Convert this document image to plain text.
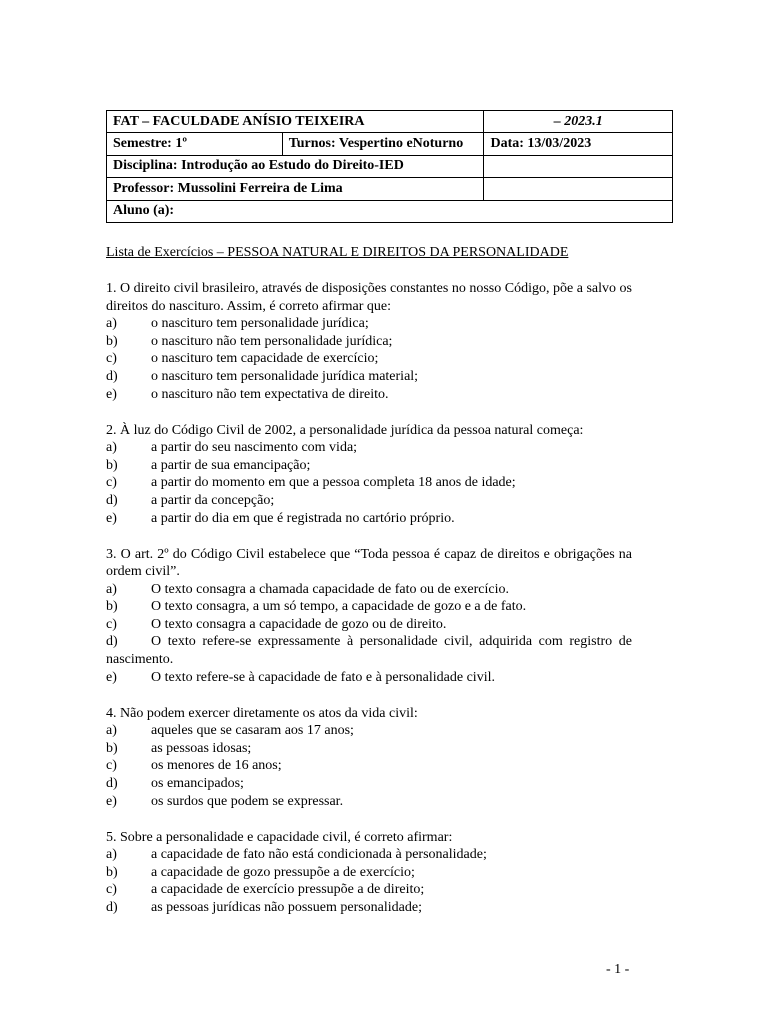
FAT – FACULDADE ANÍSIO TEIXEIRA		– 2023.1
Semestre: 1º	Turnos: Vespertino eNoturno	Data: 13/03/2023
Disciplina: Introdução ao Estudo do Direito-IED		
Professor: Mussolini Ferreira de Lima		
Aluno (a):		
Lista de Exercícios – PESSOA NATURAL E DIREITOS DA PERSONALIDADE
1. O direito civil brasileiro, através de disposições constantes no nosso Código, põe a salvo os direitos do nascituro. Assim, é correto afirmar que:
a)	o nascituro tem personalidade jurídica;
b)	o nascituro não tem personalidade jurídica;
c)	o nascituro tem capacidade de exercício;
d)	o nascituro tem personalidade jurídica material;
e)	o nascituro não tem expectativa de direito.
2. À luz do Código Civil de 2002, a personalidade jurídica da pessoa natural começa:
a)	a partir do seu nascimento com vida;
b)	a partir de sua emancipação;
c)	a partir do momento em que a pessoa completa 18 anos de idade;
d)	a partir da concepção;
e)	a partir do dia em que é registrada no cartório próprio.
3. O art. 2º do Código Civil estabelece que “Toda pessoa é capaz de direitos e obrigações na ordem civil”.
a)	O texto consagra a chamada capacidade de fato ou de exercício.
b)	O texto consagra, a um só tempo, a capacidade de gozo e a de fato.
c)	O texto consagra a capacidade de gozo ou de direito.
d) O texto refere-se expressamente à personalidade civil, adquirida com registro de nascimento.
e)	O texto refere-se à capacidade de fato e à personalidade civil.
4. Não podem exercer diretamente os atos da vida civil:
a)	aqueles que se casaram aos 17 anos;
b)	as pessoas idosas;
c)	os menores de 16 anos;
d)	os emancipados;
e)	os surdos que podem se expressar.
5. Sobre a personalidade e capacidade civil, é correto afirmar:
a)	a capacidade de fato não está condicionada à personalidade;
b)	a capacidade de gozo pressupõe a de exercício;
c)	a capacidade de exercício pressupõe a de direito;
d)	as pessoas jurídicas não possuem personalidade;
- 1 -
